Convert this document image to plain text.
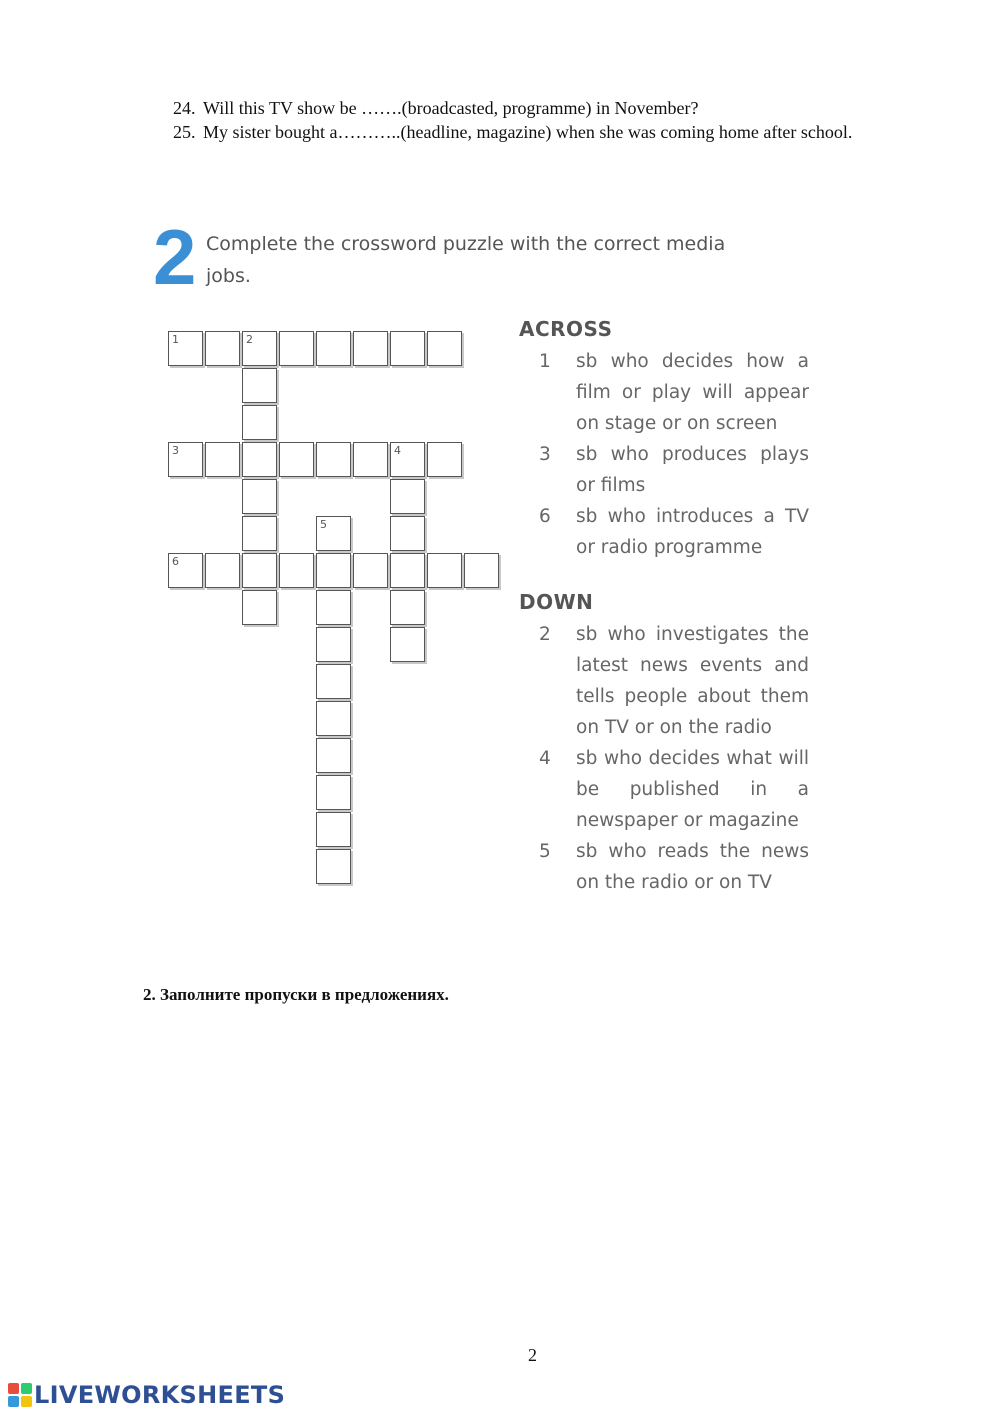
24. Will this TV show be …….(broadcasted, programme) in November?
25. My sister bought a………..(headline, magazine) when she was coming home after school.
2 Complete the crossword puzzle with the correct media jobs.
1	2
3	4
6
5
ACROSS
1 sb who decides how a film or play will appear on stage or on screen
3 sb who produces plays or films
6 sb who introduces a TV or radio programme
DOWN
2 sb who investigates the latest news events and tells people about them on TV or on the radio
4 sb who decides what will be published in a newspaper or magazine
5 sb who reads the news on the radio or on TV
2. Заполните пропуски в предложениях.
2
LIVEWORKSHEETS
